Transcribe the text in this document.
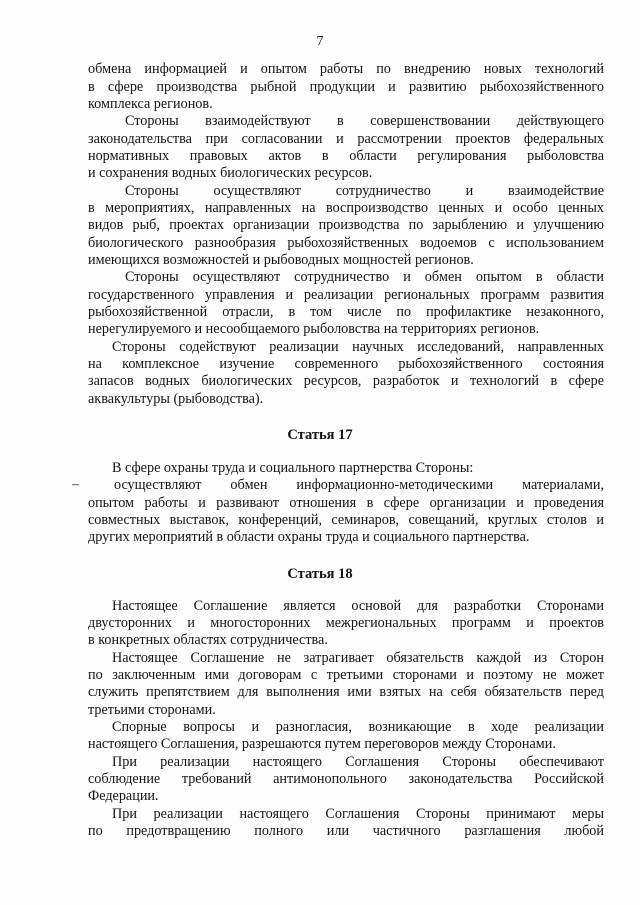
7
обмена информацией и опытом работы по внедрению новых технологий
в сфере производства рыбной продукции и развитию рыбохозяйственного
комплекса регионов.
Стороны взаимодействуют в совершенствовании действующего
законодательства при согласовании и рассмотрении проектов федеральных
нормативных правовых актов в области регулирования рыболовства
и сохранения водных биологических ресурсов.
Стороны осуществляют сотрудничество и взаимодействие
в мероприятиях, направленных на воспроизводство ценных и особо ценных
видов рыб, проектах организации производства по зарыблению и улучшению
биологического разнообразия рыбохозяйственных водоемов с использованием
имеющихся возможностей и рыбоводных мощностей регионов.
Стороны осуществляют сотрудничество и обмен опытом в области
государственного управления и реализации региональных программ развития
рыбохозяйственной отрасли, в том числе по профилактике незаконного,
нерегулируемого и несообщаемого рыболовства на территориях регионов.
Стороны содействуют реализации научных исследований, направленных
на комплексное изучение современного рыбохозяйственного состояния
запасов водных биологических ресурсов, разработок и технологий в сфере
аквакультуры (рыбоводства).
Статья 17
В сфере охраны труда и социального партнерства Стороны:
– осуществляют обмен информационно-методическими материалами,
опытом работы и развивают отношения в сфере организации и проведения
совместных выставок, конференций, семинаров, совещаний, круглых столов и
других мероприятий в области охраны труда и социального партнерства.
Статья 18
Настоящее Соглашение является основой для разработки Сторонами
двусторонних и многосторонних межрегиональных программ и проектов
в конкретных областях сотрудничества.
Настоящее Соглашение не затрагивает обязательств каждой из Сторон
по заключенным ими договорам с третьими сторонами и поэтому не может
служить препятствием для выполнения ими взятых на себя обязательств перед
третьими сторонами.
Спорные вопросы и разногласия, возникающие в ходе реализации
настоящего Соглашения, разрешаются путем переговоров между Сторонами.
При реализации настоящего Соглашения Стороны обеспечивают
соблюдение требований антимонопольного законодательства Российской
Федерации.
При реализации настоящего Соглашения Стороны принимают меры
по предотвращению полного или частичного разглашения любой
